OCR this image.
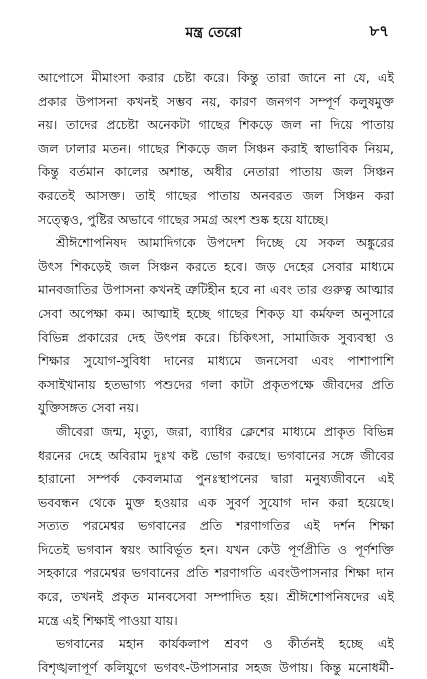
মন্ত্র তেরো	৮৭
আপোসে মীমাংসা করার চেষ্টা করে। কিন্তু তারা জানে না যে, এই
প্রকার উপাসনা কখনই সম্ভব নয়, কারণ জনগণ সম্পূর্ণ কলুষমুক্ত
নয়। তাদের প্রচেষ্টা অনেকটা গাছের শিকড়ে জল না দিয়ে পাতায়
জল ঢালার মতন। গাছের শিকড়ে জল সিঞ্চন করাই স্বাভাবিক নিয়ম,
কিন্তু বর্তমান কালের অশান্ত, অধীর নেতারা পাতায় জল সিঞ্চন
করতেই আসক্ত। তাই গাছের পাতায় অনবরত জল সিঞ্চন করা
সত্ত্বেও, পুষ্টির অভাবে গাছের সমগ্র অংশ শুষ্ক হয়ে যাচ্ছে।
শ্রীঈশোপনিষদ আমাদিগকে উপদেশ দিচ্ছে যে সকল অঙ্কুরের
উৎস শিকড়েই জল সিঞ্চন করতে হবে। জড় দেহের সেবার মাধ্যমে
মানবজাতির উপাসনা কখনই ত্রুটিহীন হবে না এবং তার গুরুত্ব আত্মার
সেবা অপেক্ষা কম। আত্মাই হচ্ছে গাছের শিকড় যা কর্মফল অনুসারে
বিভিন্ন প্রকারের দেহ উৎপন্ন করে। চিকিৎসা, সামাজিক সুব্যবস্থা ও
শিক্ষার সুযোগ-সুবিধা দানের মাধ্যমে জনসেবা এবং পাশাপাশি
কসাইখানায় হতভাগ্য পশুদের গলা কাটা প্রকৃতপক্ষে জীবদের প্রতি
যুক্তিসঙ্গত সেবা নয়।
জীবেরা জন্ম, মৃত্যু, জরা, ব্যাধির ক্লেশের মাধ্যমে প্রাকৃত বিভিন্ন
ধরনের দেহে অবিরাম দুঃখ কষ্ট ভোগ করছে। ভগবানের সঙ্গে জীবের
হারানো সম্পর্ক কেবলমাত্র পুনঃস্থাপনের দ্বারা মনুষ্যজীবনে এই
ভববন্ধন থেকে মুক্ত হওয়ার এক সুবর্ণ সুযোগ দান করা হয়েছে।
সত্যত পরমেশ্বর ভগবানের প্রতি শরণাগতির এই দর্শন শিক্ষা
দিতেই ভগবান স্বয়ং আবির্ভূত হন। যখন কেউ পূর্ণপ্রীতি ও পূর্ণশক্তি
সহকারে পরমেশ্বর ভগবানের প্রতি শরণাগতি এবংউপাসনার শিক্ষা দান
করে, তখনই প্রকৃত মানবসেবা সম্পাদিত হয়। শ্রীঈশোপনিষদের এই
মন্ত্রে এই শিক্ষাই পাওয়া যায়।
ভগবানের মহান কার্যকলাপ শ্রবণ ও কীর্তনই হচ্ছে এই
বিশৃঙ্খলাপূর্ণ কলিযুগে ভগবৎ-উপাসনার সহজ উপায়। কিন্তু মনোধর্মী-
